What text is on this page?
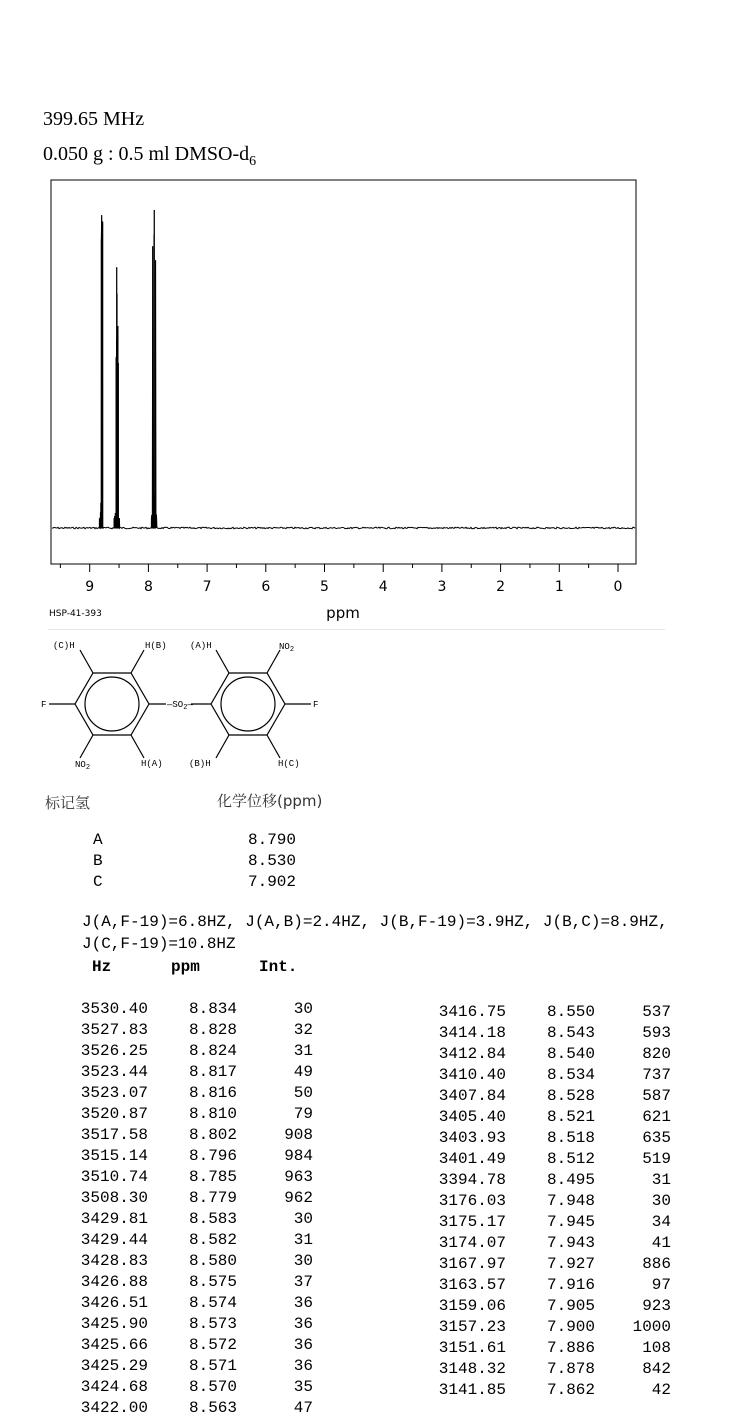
399.65 MHz
0.050 g : 0.5 ml DMSO-$d_6$
9	8	7	6	5	4	3	2	1	0
ppm
HSP-41-393
(C)H	H(B)	(A)H	$NO_2$
F	$—SO_2—$	F
$NO_2$	H(A)	(B)H	H(C)
标记氢	化学位移(ppm)
A	8.790
B	8.530
C	7.902
J(A,F-19)=6.8HZ, J(A,B)=2.4HZ, J(B,F-19)=3.9HZ, J(B,C)=8.9HZ,
J(C,F-19)=10.8HZ
Hz	ppm	Int.
3530.40	8.834	30
3527.83	8.828	32
3526.25	8.824	31
3523.44	8.817	49
3523.07	8.816	50
3520.87	8.810	79
3517.58	8.802	908
3515.14	8.796	984
3510.74	8.785	963
3508.30	8.779	962
3429.81	8.583	30
3429.44	8.582	31
3428.83	8.580	30
3426.88	8.575	37
3426.51	8.574	36
3425.90	8.573	36
3425.66	8.572	36
3425.29	8.571	36
3424.68	8.570	35
3422.00	8.563	47
3416.75	8.550	537
3414.18	8.543	593
3412.84	8.540	820
3410.40	8.534	737
3407.84	8.528	587
3405.40	8.521	621
3403.93	8.518	635
3401.49	8.512	519
3394.78	8.495	31
3176.03	7.948	30
3175.17	7.945	34
3174.07	7.943	41
3167.97	7.927	886
3163.57	7.916	97
3159.06	7.905	923
3157.23	7.900	1000
3151.61	7.886	108
3148.32	7.878	842
3141.85	7.862	42
